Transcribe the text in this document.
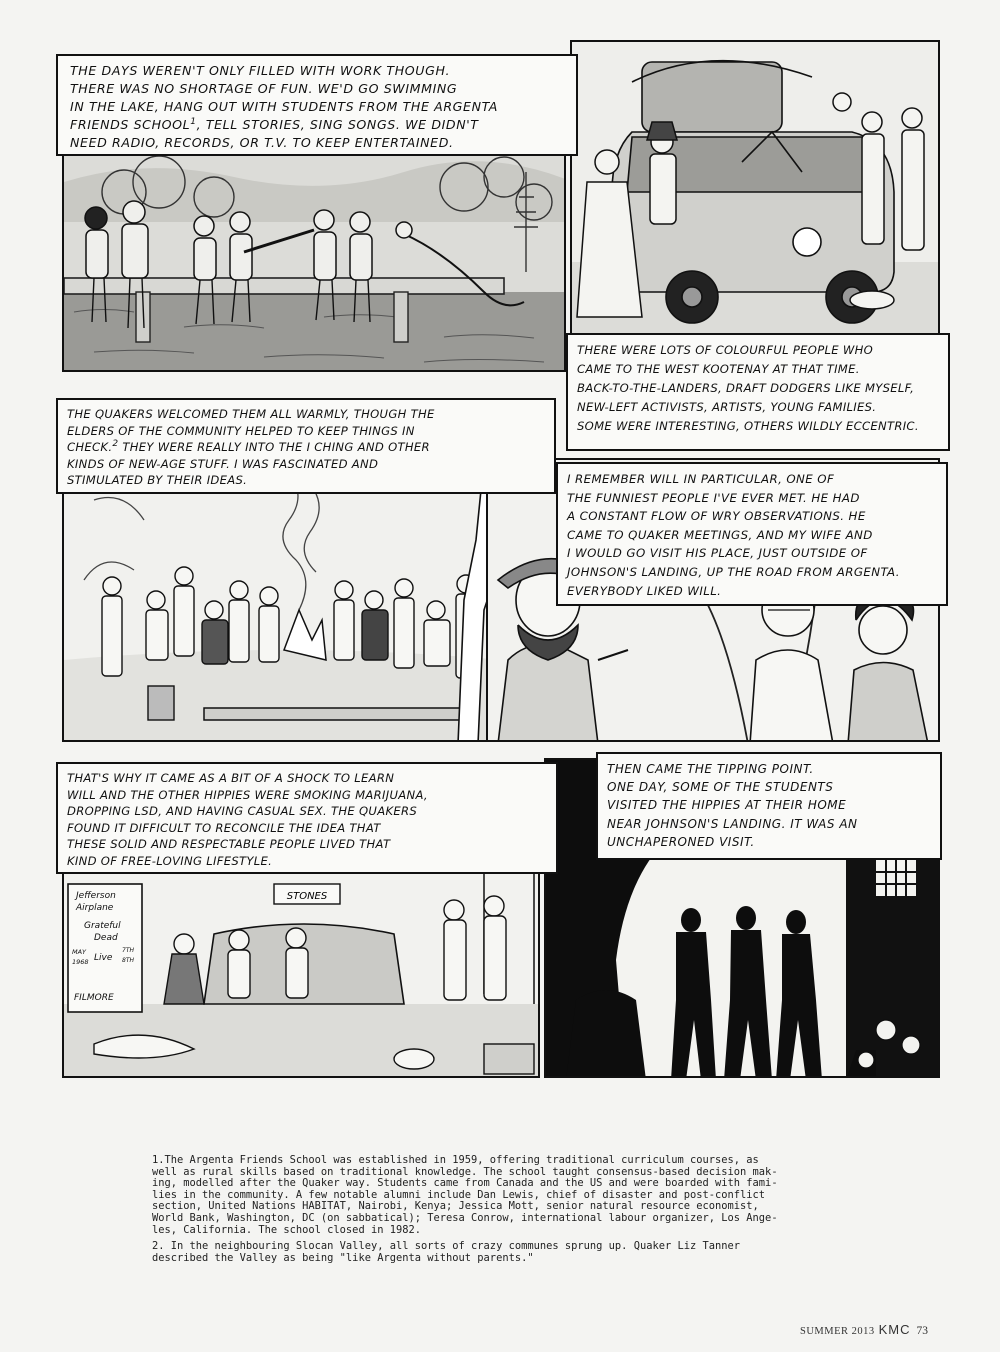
STONES
Jefferson
Airplane
Grateful
Dead
MAY
1968 Live
7TH
8TH
FILMORE
THE DAYS WEREN'T ONLY FILLED WITH WORK THOUGH.
THERE WAS NO SHORTAGE OF FUN. WE'D GO SWIMMING
IN THE LAKE, HANG OUT WITH STUDENTS FROM THE ARGENTA
FRIENDS SCHOOL$^1$, TELL STORIES, SING SONGS. WE DIDN'T
NEED RADIO, RECORDS, OR T.V. TO KEEP ENTERTAINED.
THERE WERE LOTS OF COLOURFUL PEOPLE WHO
CAME TO THE WEST KOOTENAY AT THAT TIME.
BACK-TO-THE-LANDERS, DRAFT DODGERS LIKE MYSELF,
NEW-LEFT ACTIVISTS, ARTISTS, YOUNG FAMILIES.
SOME WERE INTERESTING, OTHERS WILDLY ECCENTRIC.
THE QUAKERS WELCOMED THEM ALL WARMLY, THOUGH THE
ELDERS OF THE COMMUNITY HELPED TO KEEP THINGS IN
CHECK.$^2$ THEY WERE REALLY INTO THE I CHING AND OTHER
KINDS OF NEW-AGE STUFF. I WAS FASCINATED AND
STIMULATED BY THEIR IDEAS.	I REMEMBER WILL IN PARTICULAR, ONE OF
THE FUNNIEST PEOPLE I'VE EVER MET. HE HAD
A CONSTANT FLOW OF WRY OBSERVATIONS. HE
CAME TO QUAKER MEETINGS, AND MY WIFE AND
I WOULD GO VISIT HIS PLACE, JUST OUTSIDE OF
JOHNSON'S LANDING, UP THE ROAD FROM ARGENTA.
EVERYBODY LIKED WILL.
THAT'S WHY IT CAME AS A BIT OF A SHOCK TO LEARN
WILL AND THE OTHER HIPPIES WERE SMOKING MARIJUANA,
DROPPING LSD, AND HAVING CASUAL SEX. THE QUAKERS
FOUND IT DIFFICULT TO RECONCILE THE IDEA THAT
THESE SOLID AND RESPECTABLE PEOPLE LIVED THAT
KIND OF FREE-LOVING LIFESTYLE.
THEN CAME THE TIPPING POINT.
ONE DAY, SOME OF THE STUDENTS
VISITED THE HIPPIES AT THEIR HOME
NEAR JOHNSON'S LANDING. IT WAS AN
UNCHAPERONED VISIT.
1.The Argenta Friends School was established in 1959, offering traditional curriculum courses, as
well as rural skills based on traditional knowledge. The school taught consensus-based decision mak-
ing, modelled after the Quaker way. Students came from Canada and the US and were boarded with fami-
lies in the community. A few notable alumni include Dan Lewis, chief of disaster and post-conflict
section, United Nations HABITAT, Nairobi, Kenya; Jessica Mott, senior natural resource economist,
World Bank, Washington, DC (on sabbatical); Teresa Conrow, international labour organizer, Los Ange-
les, California. The school closed in 1982.
2. In the neighbouring Slocan Valley, all sorts of crazy communes sprung up. Quaker Liz Tanner
described the Valley as being "like Argenta without parents."
SUMMER 2013 KMC 73
